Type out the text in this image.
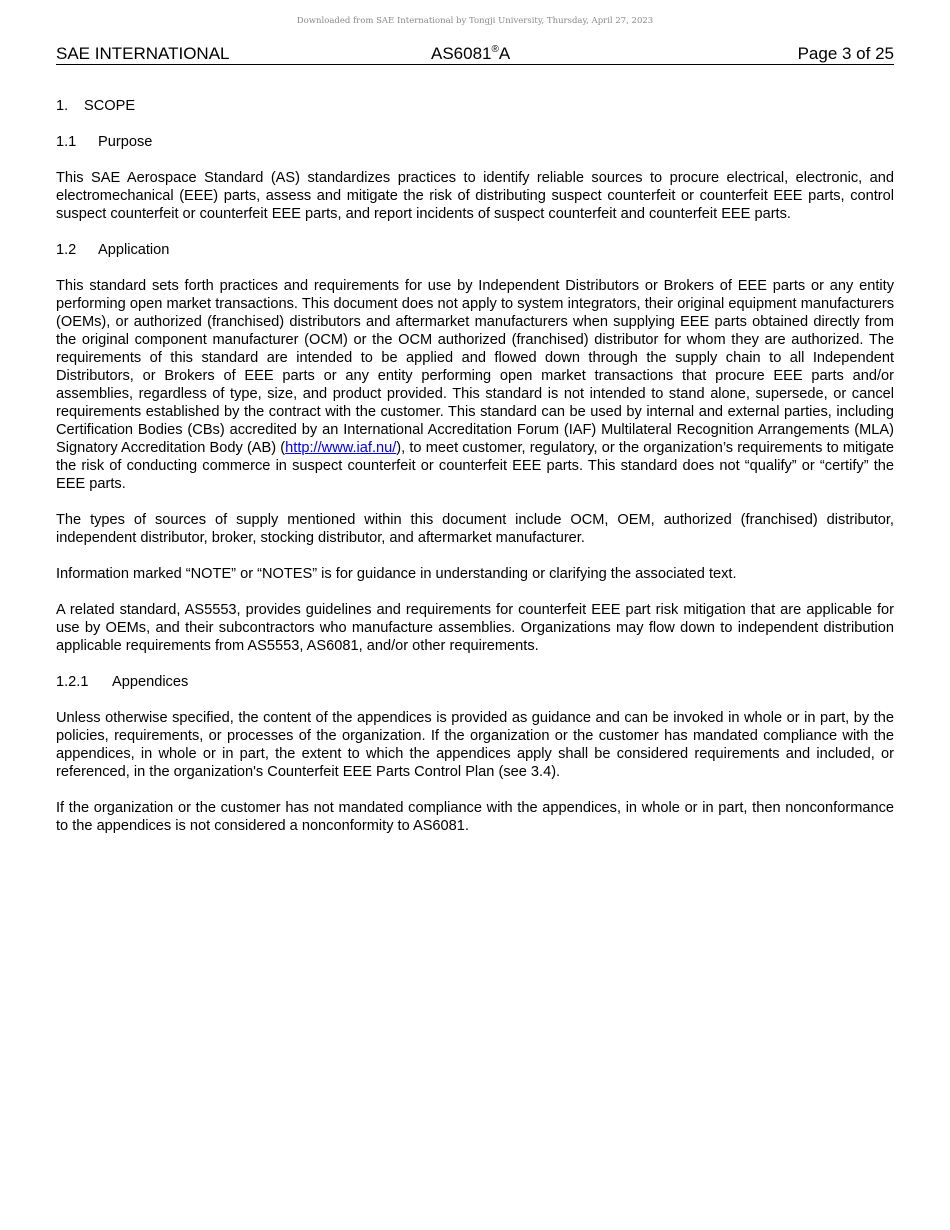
Downloaded from SAE International by Tongji University, Thursday, April 27, 2023
SAE INTERNATIONAL	AS6081®A	Page 3 of 25
1. SCOPE
1.1 Purpose

This SAE Aerospace Standard (AS) standardizes practices to identify reliable sources to procure electrical, electronic, and electromechanical (EEE) parts, assess and mitigate the risk of distributing suspect counterfeit or counterfeit EEE parts, control suspect counterfeit or counterfeit EEE parts, and report incidents of suspect counterfeit and counterfeit EEE parts.

1.2 Application

This standard sets forth practices and requirements for use by Independent Distributors or Brokers of EEE parts or any entity performing open market transactions. This document does not apply to system integrators, their original equipment manufacturers (OEMs), or authorized (franchised) distributors and aftermarket manufacturers when supplying EEE parts obtained directly from the original component manufacturer (OCM) or the OCM authorized (franchised) distributor for whom they are authorized. The requirements of this standard are intended to be applied and flowed down through the supply chain to all Independent Distributors, or Brokers of EEE parts or any entity performing open market transactions that procure EEE parts and/or assemblies, regardless of type, size, and product provided. This standard is not intended to stand alone, supersede, or cancel requirements established by the contract with the customer. This standard can be used by internal and external parties, including Certification Bodies (CBs) accredited by an International Accreditation Forum (IAF) Multilateral Recognition Arrangements (MLA) Signatory Accreditation Body (AB) (http://www.iaf.nu/), to meet customer, regulatory, or the organization’s requirements to mitigate the risk of conducting commerce in suspect counterfeit or counterfeit EEE parts. This standard does not “qualify” or “certify” the EEE parts.

The types of sources of supply mentioned within this document include OCM, OEM, authorized (franchised) distributor, independent distributor, broker, stocking distributor, and aftermarket manufacturer.

Information marked “NOTE” or “NOTES” is for guidance in understanding or clarifying the associated text.

A related standard, AS5553, provides guidelines and requirements for counterfeit EEE part risk mitigation that are applicable for use by OEMs, and their subcontractors who manufacture assemblies. Organizations may flow down to independent distribution applicable requirements from AS5553, AS6081, and/or other requirements.

1.2.1 Appendices

Unless otherwise specified, the content of the appendices is provided as guidance and can be invoked in whole or in part, by the policies, requirements, or processes of the organization. If the organization or the customer has mandated compliance with the appendices, in whole or in part, the extent to which the appendices apply shall be considered requirements and included, or referenced, in the organization's Counterfeit EEE Parts Control Plan (see 3.4).

If the organization or the customer has not mandated compliance with the appendices, in whole or in part, then nonconformance to the appendices is not considered a nonconformity to AS6081.
